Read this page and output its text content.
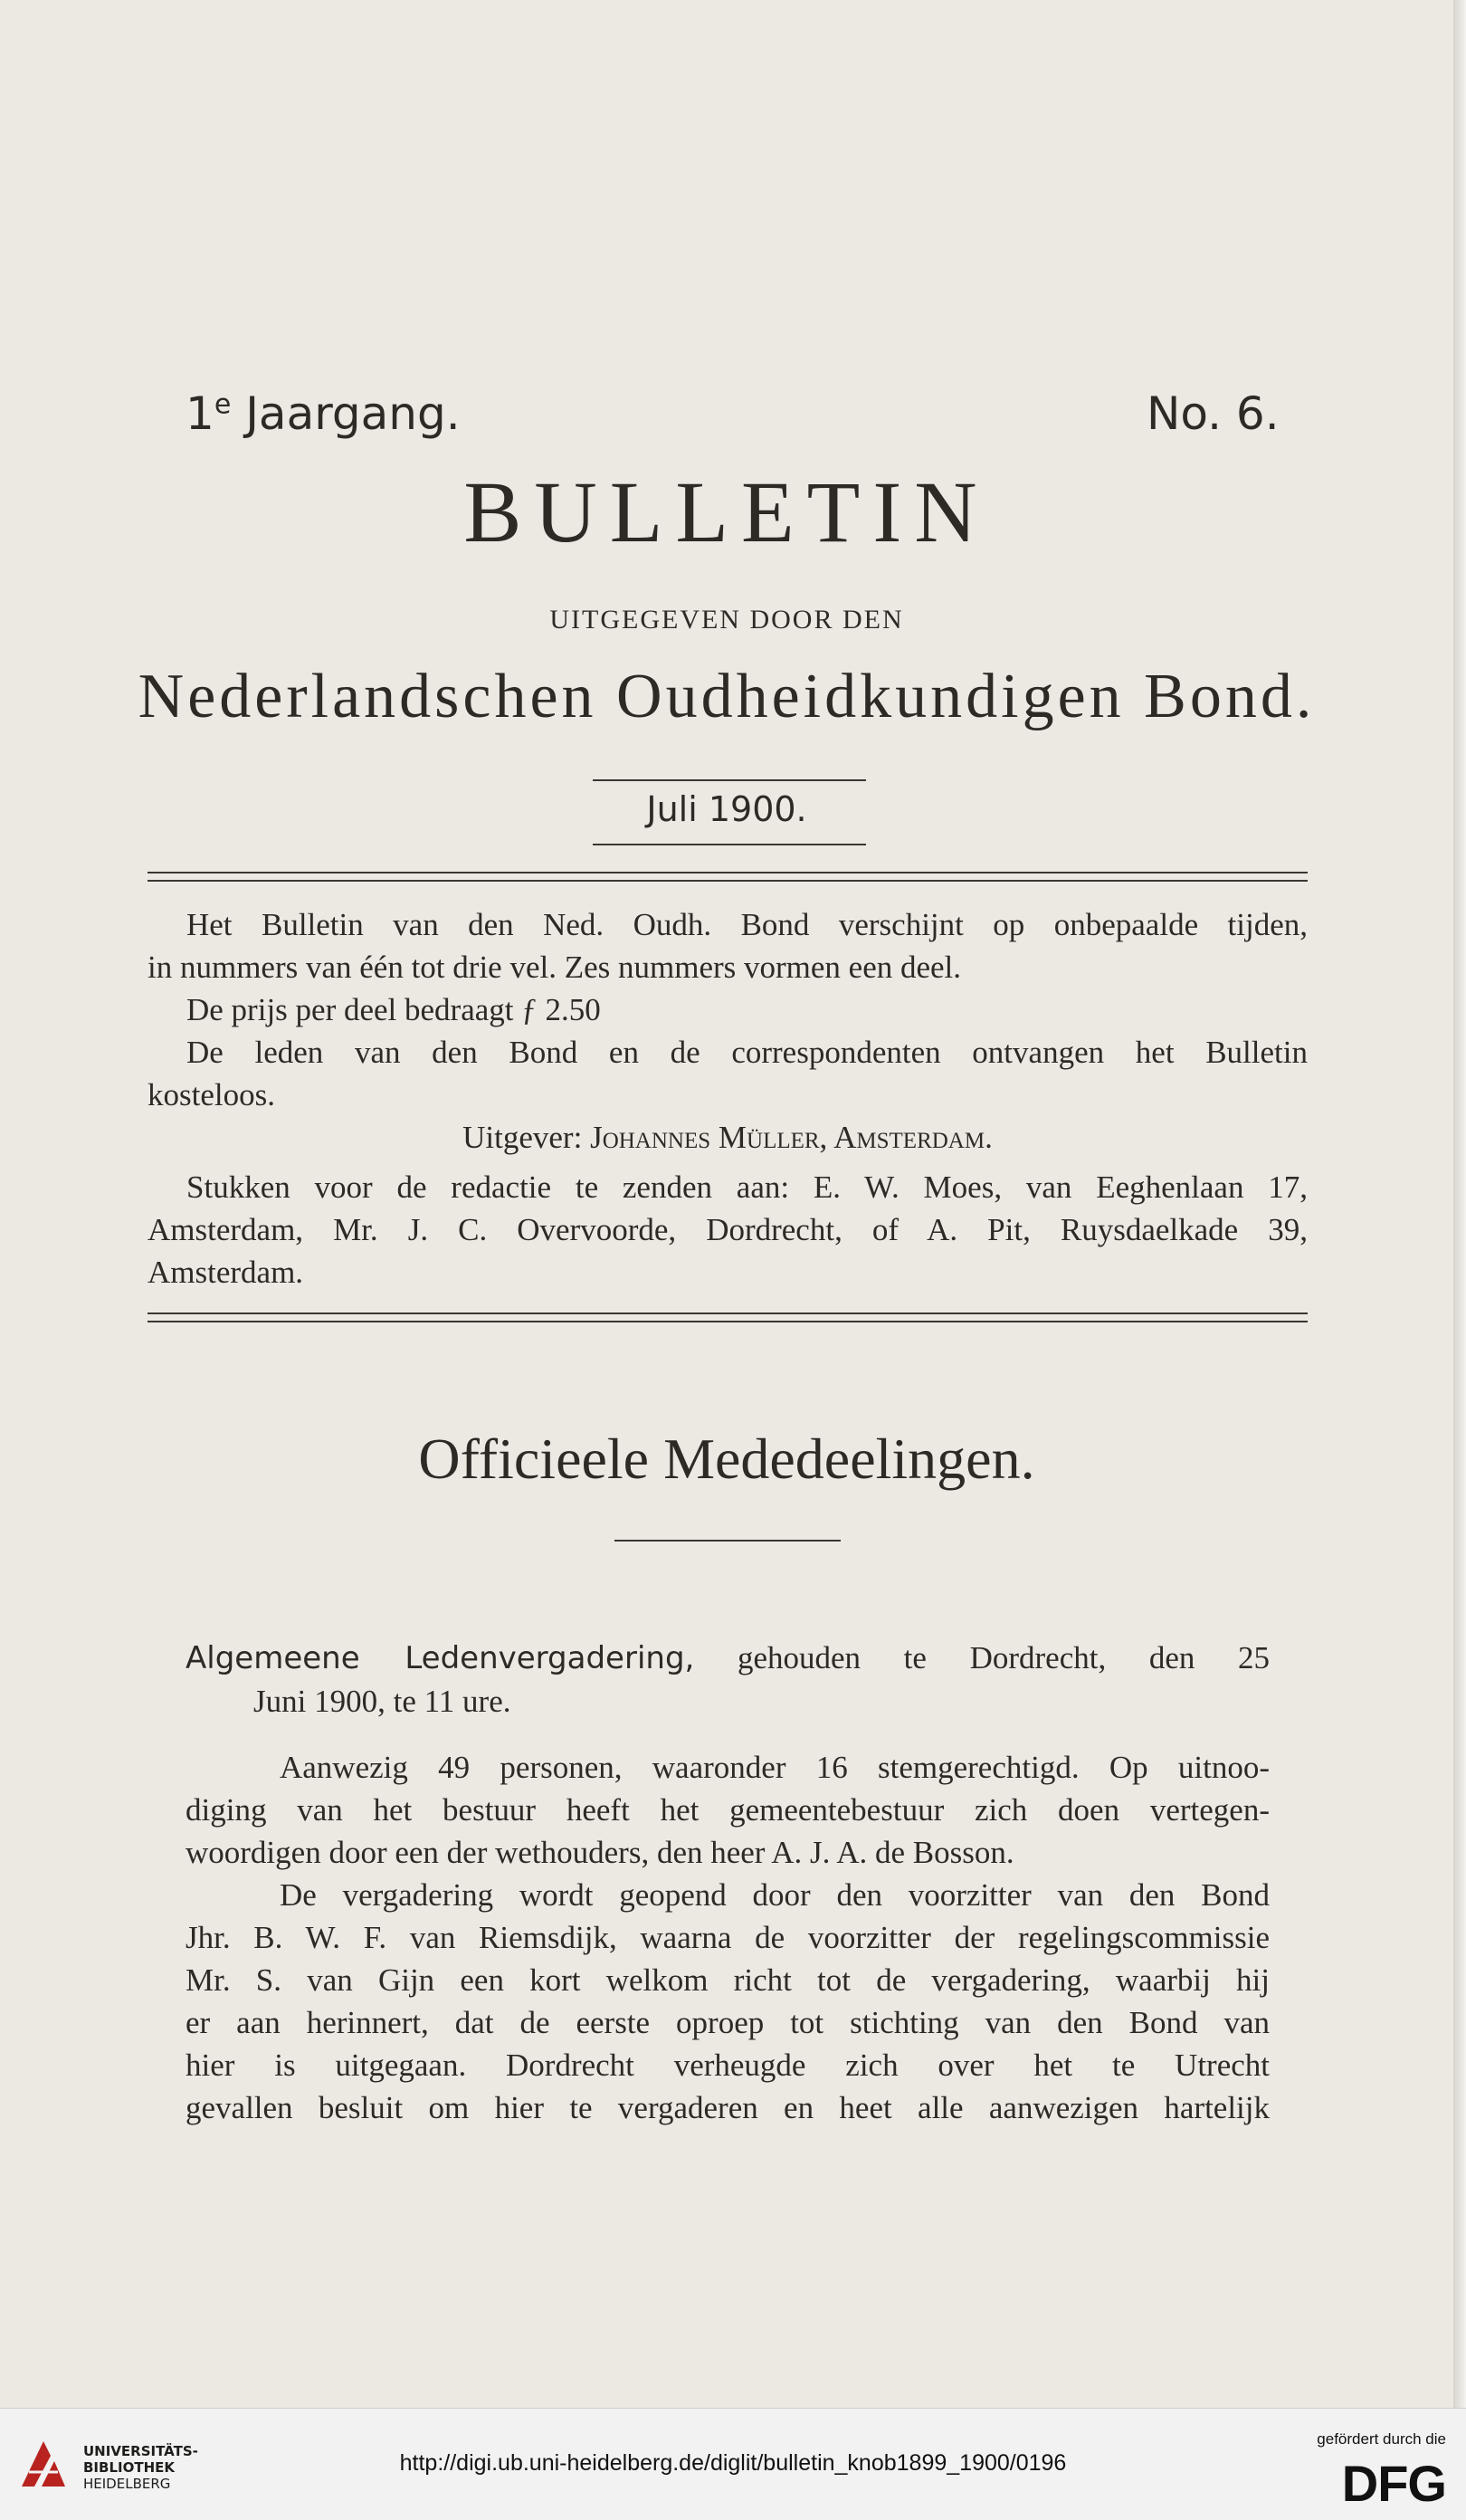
1e Jaargang.	No. 6.
BULLETIN
UITGEGEVEN DOOR DEN
Nederlandschen Oudheidkundigen Bond.
Juli 1900.

Het Bulletin van den Ned. Oudh. Bond verschijnt op onbepaalde tijden,

in nummers van één tot drie vel. Zes nummers vormen een deel.

De prijs per deel bedraagt ƒ 2.50

De leden van den Bond en de correspondenten ontvangen het Bulletin

kosteloos.

Uitgever: Johannes Müller, Amsterdam.

Stukken voor de redactie te zenden aan: E. W. Moes, van Eeghenlaan 17,

Amsterdam, Mr. J. C. Overvoorde, Dordrecht, of A. Pit, Ruysdaelkade 39,

Amsterdam.

Officieele Mededeelingen.

Algemeene Ledenvergadering, gehouden te Dordrecht, den 25

Juni 1900, te 11 ure.

Aanwezig 49 personen, waaronder 16 stemgerechtigd. Op uitnoo-

diging van het bestuur heeft het gemeentebestuur zich doen vertegen-

woordigen door een der wethouders, den heer A. J. A. de Bosson.

De vergadering wordt geopend door den voorzitter van den Bond

Jhr. B. W. F. van Riemsdijk, waarna de voorzitter der regelingscommissie

Mr. S. van Gijn een kort welkom richt tot de vergadering, waarbij hij

er aan herinnert, dat de eerste oproep tot stichting van den Bond van

hier is uitgegaan. Dordrecht verheugde zich over het te Utrecht

gevallen besluit om hier te vergaderen en heet alle aanwezigen hartelijk

UNIVERSITÄTS-
BIBLIOTHEK
HEIDELBERG
http://digi.ub.uni-heidelberg.de/diglit/bulletin_knob1899_1900/0196
gefördert durch die
DFG
